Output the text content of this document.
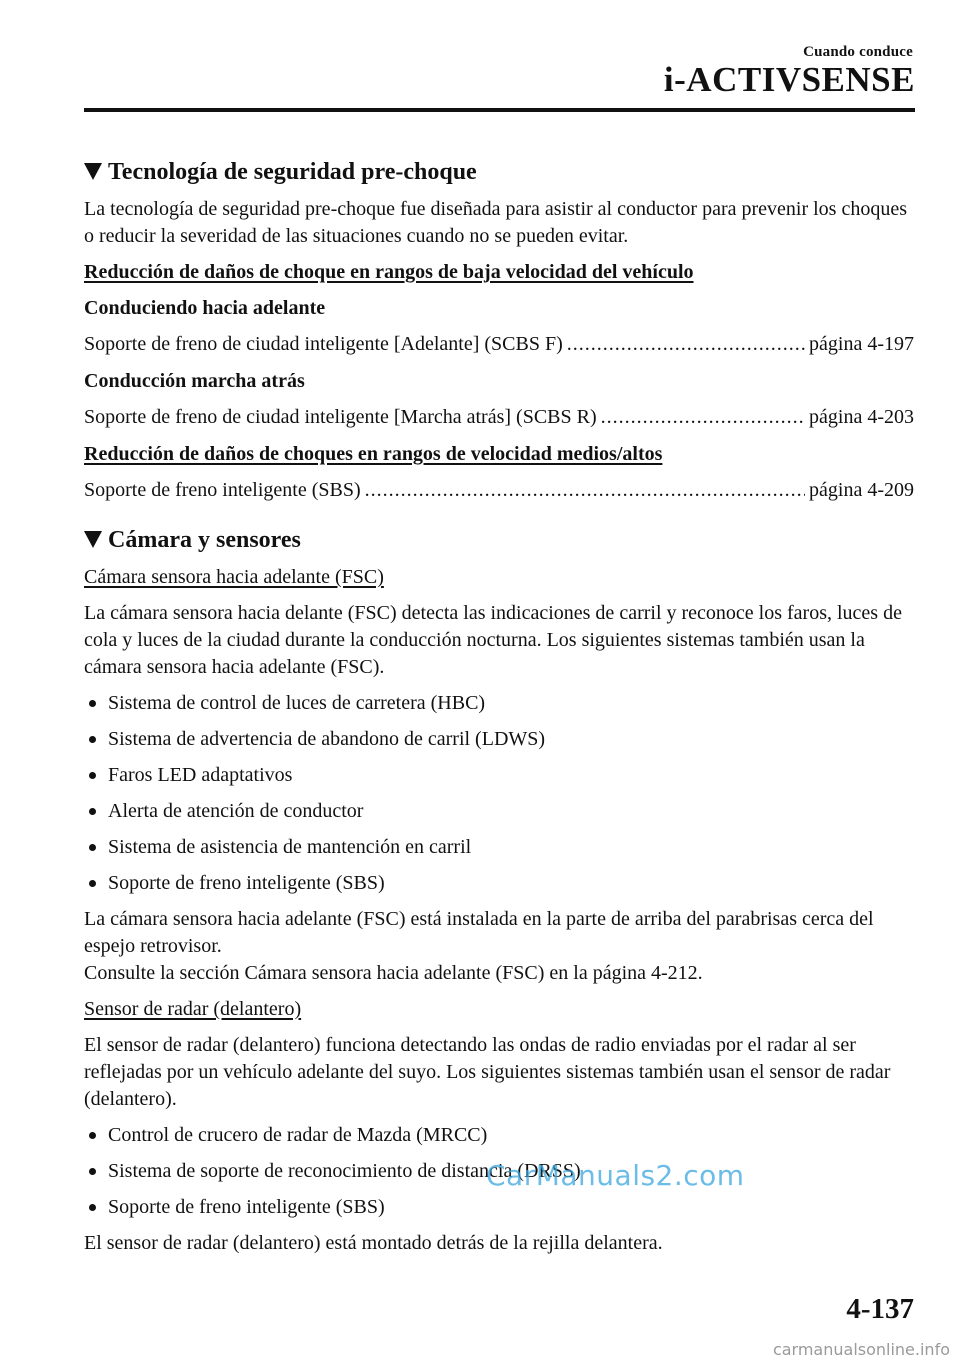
Cuando conduce
i-ACTIVSENSE
Tecnología de seguridad pre-choque

La tecnología de seguridad pre-choque fue diseñada para asistir al conductor para prevenir los choques o reducir la severidad de las situaciones cuando no se pueden evitar.

Reducción de daños de choque en rangos de baja velocidad del vehículo
Conduciendo hacia adelante
Soporte de freno de ciudad inteligente [Adelante] (SCBS F) .....	página 4-197
Conducción marcha atrás
Soporte de freno de ciudad inteligente [Marcha atrás] (SCBS R) .....	página 4-203
Reducción de daños de choques en rangos de velocidad medios/altos
Soporte de freno inteligente (SBS) .....	página 4-209
Cámara y sensores
Cámara sensora hacia adelante (FSC)

La cámara sensora hacia delante (FSC) detecta las indicaciones de carril y reconoce los faros, luces de cola y luces de la ciudad durante la conducción nocturna. Los siguientes sistemas también usan la cámara sensora hacia adelante (FSC).

Sistema de control de luces de carretera (HBC)
Sistema de advertencia de abandono de carril (LDWS)
Faros LED adaptativos
Alerta de atención de conductor
Sistema de asistencia de mantención en carril
Soporte de freno inteligente (SBS)

La cámara sensora hacia adelante (FSC) está instalada en la parte de arriba del parabrisas cerca del espejo retrovisor.

Consulte la sección Cámara sensora hacia adelante (FSC) en la página 4-212.

Sensor de radar (delantero)

El sensor de radar (delantero) funciona detectando las ondas de radio enviadas por el radar al ser reflejadas por un vehículo adelante del suyo. Los siguientes sistemas también usan el sensor de radar (delantero).

Control de crucero de radar de Mazda (MRCC)
Sistema de soporte de reconocimiento de distancia (DRSS)
Soporte de freno inteligente (SBS)

El sensor de radar (delantero) está montado detrás de la rejilla delantera.

CarManuals2.com
4-137
carmanualsonline.info
